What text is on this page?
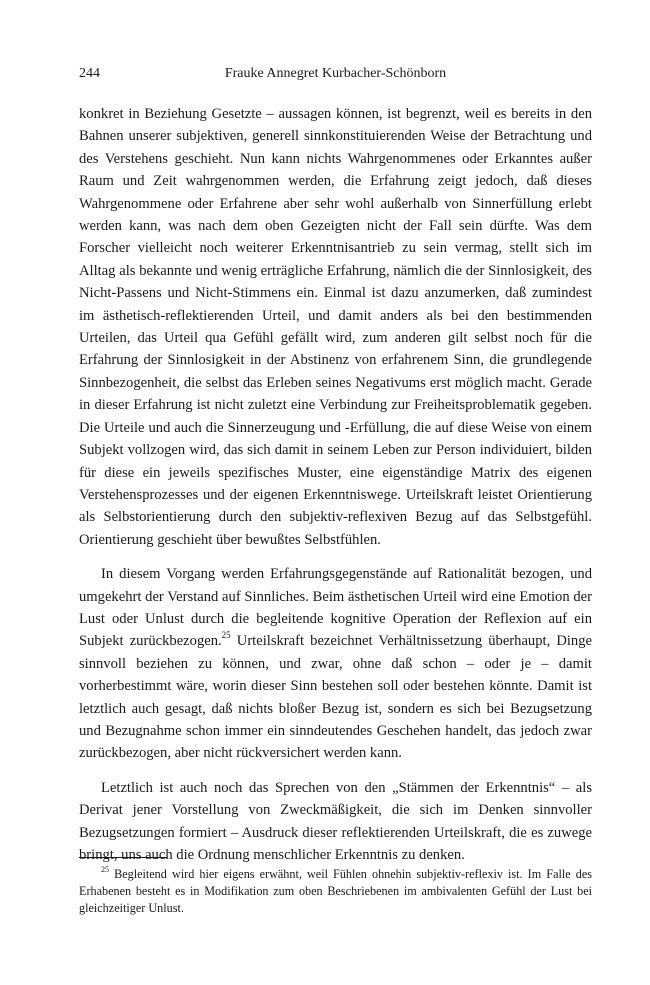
244	Frauke Annegret Kurbacher-Schönborn

konkret in Beziehung Gesetzte – aussagen können, ist begrenzt, weil es bereits in den Bahnen unserer subjektiven, generell sinnkonstituierenden Weise der Betrachtung und des Verstehens geschieht. Nun kann nichts Wahrgenommenes oder Erkanntes außer Raum und Zeit wahrgenommen werden, die Erfahrung zeigt jedoch, daß dieses Wahrgenommene oder Erfahrene aber sehr wohl außerhalb von Sinnerfüllung erlebt werden kann, was nach dem oben Gezeigten nicht der Fall sein dürfte. Was dem Forscher vielleicht noch weiterer Erkenntnisantrieb zu sein vermag, stellt sich im Alltag als bekannte und wenig erträgliche Erfahrung, nämlich die der Sinnlosigkeit, des Nicht-Passens und Nicht-Stimmens ein. Einmal ist dazu anzumerken, daß zumindest im ästhetisch-reflektierenden Urteil, und damit anders als bei den bestimmenden Urteilen, das Urteil qua Gefühl gefällt wird, zum anderen gilt selbst noch für die Erfahrung der Sinnlosigkeit in der Abstinenz von erfahrenem Sinn, die grundlegende Sinnbezogenheit, die selbst das Erleben seines Negativums erst möglich macht. Gerade in dieser Erfahrung ist nicht zuletzt eine Verbindung zur Freiheitsproblematik gegeben. Die Urteile und auch die Sinnerzeugung und -Erfüllung, die auf diese Weise von einem Subjekt vollzogen wird, das sich damit in seinem Leben zur Person individuiert, bilden für diese ein jeweils spezifisches Muster, eine eigenständige Matrix des eigenen Verstehensprozesses und der eigenen Erkenntniswege. Urteilskraft leistet Orientierung als Selbstorientierung durch den subjektiv-reflexiven Bezug auf das Selbstgefühl. Orientierung geschieht über bewußtes Selbstfühlen.

In diesem Vorgang werden Erfahrungsgegenstände auf Rationalität bezogen, und umgekehrt der Verstand auf Sinnliches. Beim ästhetischen Urteil wird eine Emotion der Lust oder Unlust durch die begleitende kognitive Operation der Reflexion auf ein Subjekt zurückbezogen.$^{25}$ Urteilskraft bezeichnet Verhältnissetzung überhaupt, Dinge sinnvoll beziehen zu können, und zwar, ohne daß schon – oder je – damit vorherbestimmt wäre, worin dieser Sinn bestehen soll oder bestehen könnte. Damit ist letztlich auch gesagt, daß nichts bloßer Bezug ist, sondern es sich bei Bezugsetzung und Bezugnahme schon immer ein sinndeutendes Geschehen handelt, das jedoch zwar zurückbezogen, aber nicht rückversichert werden kann.

Letztlich ist auch noch das Sprechen von den „Stämmen der Erkenntnis“ – als Derivat jener Vorstellung von Zweckmäßigkeit, die sich im Denken sinnvoller Bezugsetzungen formiert – Ausdruck dieser reflektierenden Urteilskraft, die es zuwege bringt, uns auch die Ordnung menschlicher Erkenntnis zu denken.

$^{25}$ Begleitend wird hier eigens erwähnt, weil Fühlen ohnehin subjektiv-reflexiv ist. Im Falle des Erhabenen besteht es in Modifikation zum oben Beschriebenen im ambivalenten Gefühl der Lust bei gleichzeitiger Unlust.
